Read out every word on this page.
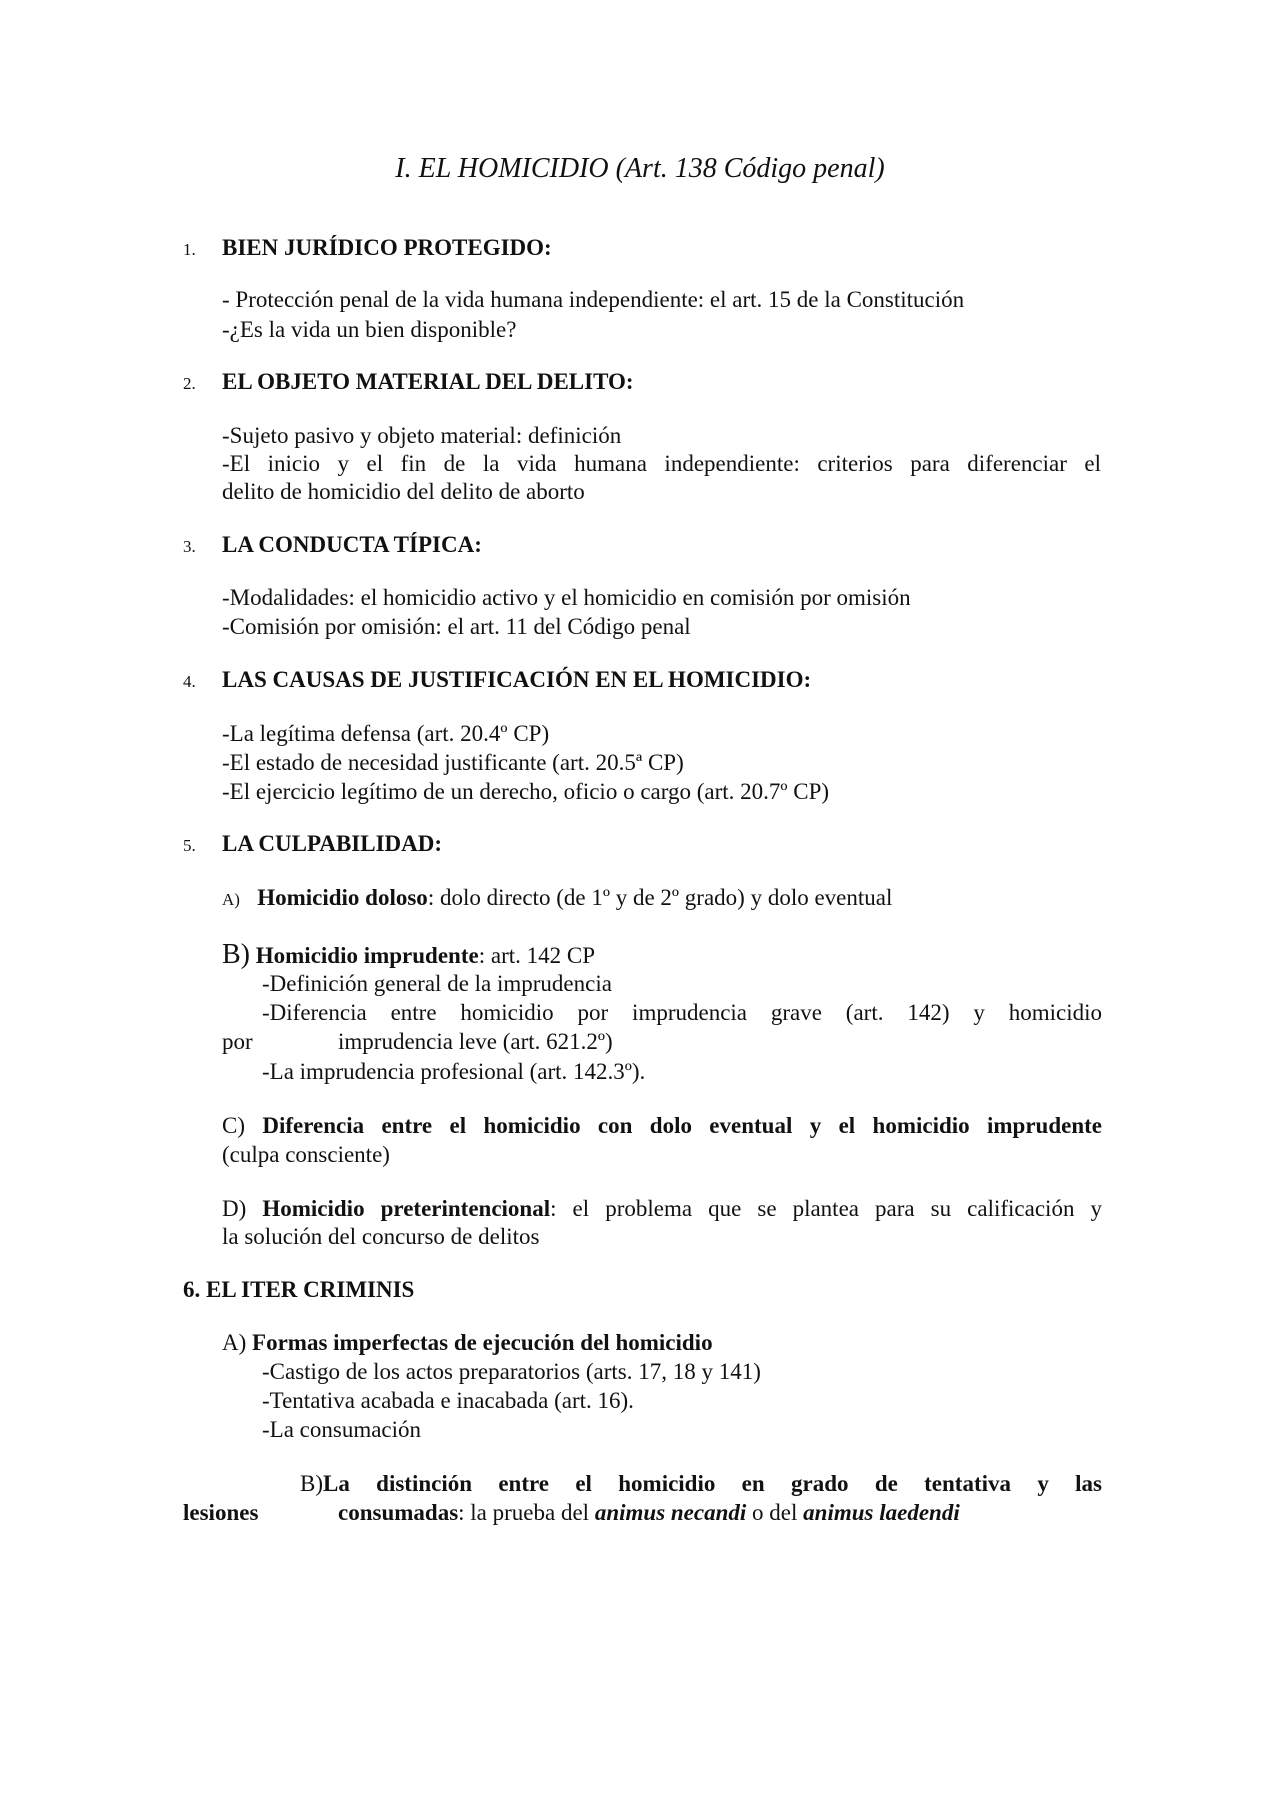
I. EL HOMICIDIO (Art. 138 Código penal)
1. BIEN JURÍDICO PROTEGIDO:
- Protección penal de la vida humana independiente: el art. 15 de la Constitución
-¿Es la vida un bien disponible?
2. EL OBJETO MATERIAL DEL DELITO:
-Sujeto pasivo y objeto material: definición
-El inicio y el fin de la vida humana independiente: criterios para diferenciar el
delito de homicidio del delito de aborto
3. LA CONDUCTA TÍPICA:
-Modalidades: el homicidio activo y el homicidio en comisión por omisión
-Comisión por omisión: el art. 11 del Código penal
4. LAS CAUSAS DE JUSTIFICACIÓN EN EL HOMICIDIO:
-La legítima defensa (art. 20.4º CP)
-El estado de necesidad justificante (art. 20.5ª CP)
-El ejercicio legítimo de un derecho, oficio o cargo (art. 20.7º CP)
5. LA CULPABILIDAD:
A) Homicidio doloso: dolo directo (de 1º y de 2º grado) y dolo eventual
B) Homicidio imprudente: art. 142 CP
-Definición general de la imprudencia
-Diferencia entre homicidio por imprudencia grave (art. 142) y homicidio
por	imprudencia leve (art. 621.2º)
-La imprudencia profesional (art. 142.3º).
C) Diferencia entre el homicidio con dolo eventual y el homicidio imprudente
(culpa consciente)
D) Homicidio preterintencional: el problema que se plantea para su calificación y
la solución del concurso de delitos
6. EL ITER CRIMINIS
A) Formas imperfectas de ejecución del homicidio
-Castigo de los actos preparatorios (arts. 17, 18 y 141)
-Tentativa acabada e inacabada (art. 16).
-La consumación
B)La distinción entre el homicidio en grado de tentativa y las
lesiones	consumadas: la prueba del animus necandi o del animus laedendi
